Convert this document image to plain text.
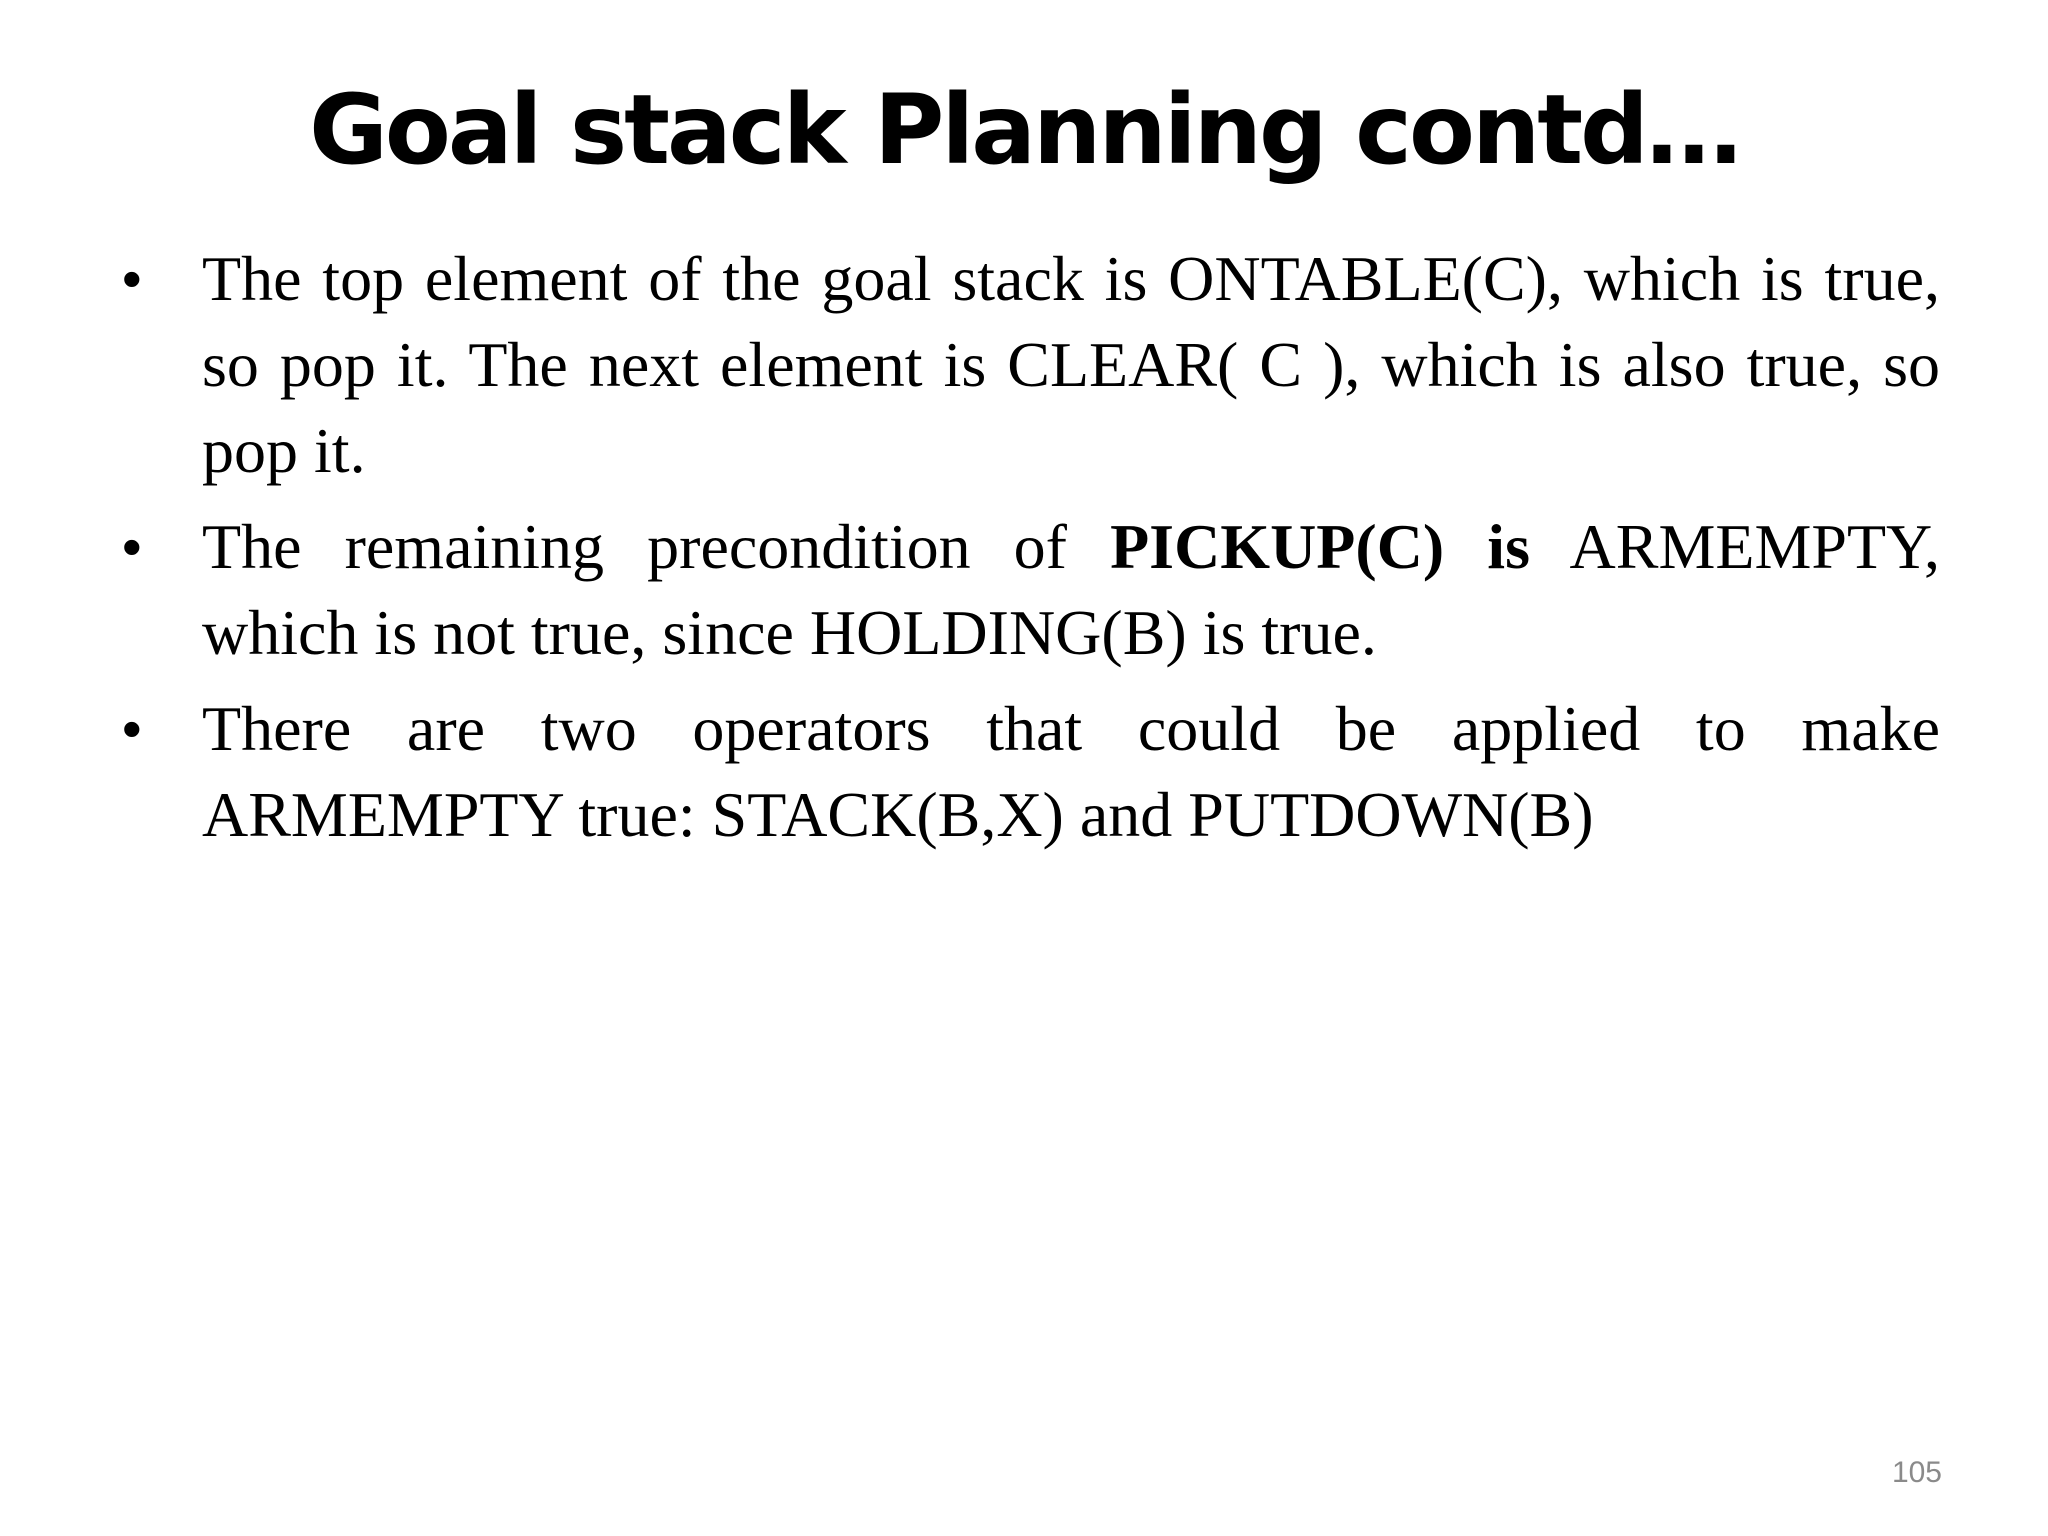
Goal stack Planning contd…
• The top element of the goal stack is ONTABLE(C), which is true, so pop it. The next element is CLEAR( C ), which is also true, so pop it.
• The remaining precondition of PICKUP(C) is ARMEMPTY, which is not true, since HOLDING(B) is true.
• There are two operators that could be applied to make ARMEMPTY true: STACK(B,X) and PUTDOWN(B)
105
